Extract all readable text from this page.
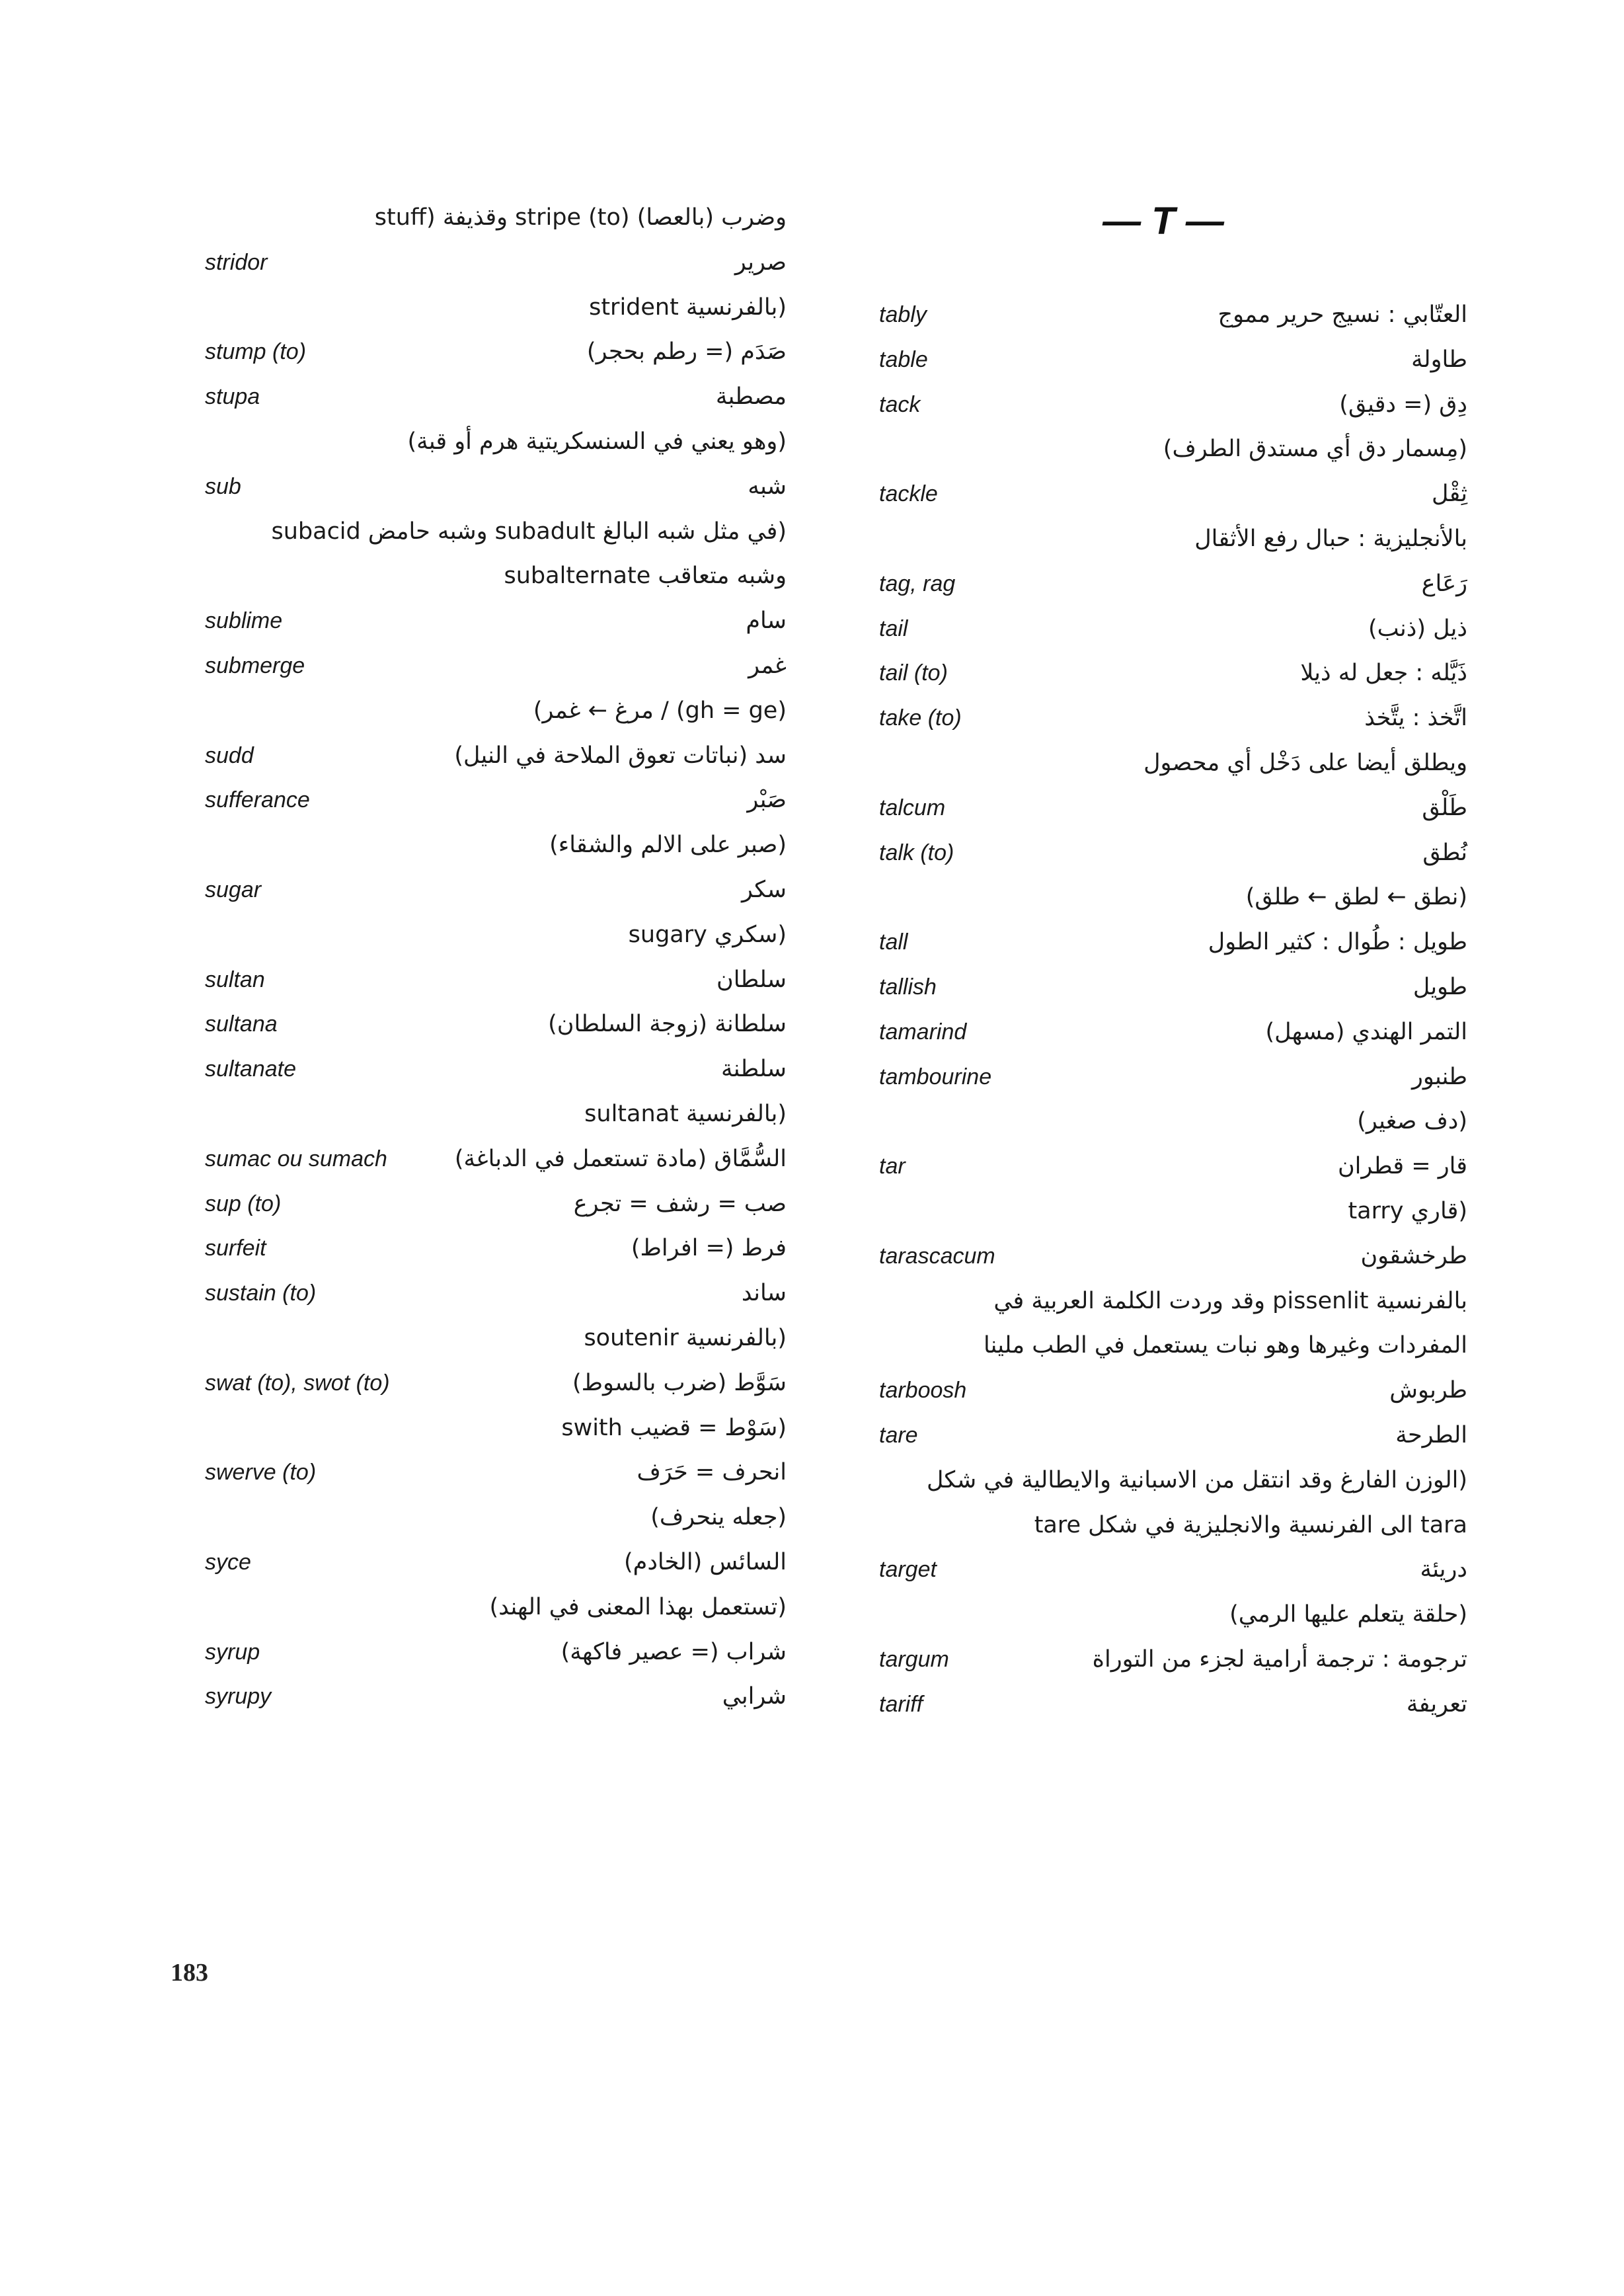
— T —
وضرب (بالعصا) stripe (to) وقذيفة (stuff
stridor	صرير
(بالفرنسية strident
stump (to)	صَدَم (= رطم بحجر)
stupa	مصطبة
(وهو يعني في السنسكريتية هرم أو قبة)
sub	شبه
(في مثل شبه البالغ subadult وشبه حامض subacid
وشبه متعاقب subalternate
sublime	سام
submerge	غمر
(gh = ge) / مرغ ← غمر)
sudd	سد (نباتات تعوق الملاحة في النيل)
sufferance	صَبْر
(صبر على الالم والشقاء)
sugar	سكر
(سكري sugary
sultan	سلطان
sultana	سلطانة (زوجة السلطان)
sultanate	سلطنة
(بالفرنسية sultanat
sumac ou sumach	السُّمَّاق (مادة تستعمل في الدباغة)
sup (to)	صب = رشف = تجرع
surfeit	فرط (= افراط)
sustain (to)	ساند
(بالفرنسية soutenir
swat (to), swot (to)	سَوَّط (ضرب بالسوط)
(سَوْط = قضيب swith
swerve (to)	انحرف = حَرَف
(جعله ينحرف)
syce	السائس (الخادم)
(تستعمل بهذا المعنى في الهند)
syrup	شراب (= عصير فاكهة)
syrupy	شرابي
tably	العتّابي : نسيج حرير مموج
table	طاولة
tack	دِق (= دقيق)
(مِسمار دق أي مستدق الطرف)
tackle	ثِقْل
بالأنجليزية : حبال رفع الأثقال
tag, rag	رَعَاع
tail	ذيل (ذنب)
tail (to)	ذَيَّله : جعل له ذيلا
take (to)	اتَّخذ : يتَّخذ
ويطلق أيضا على دَخْل أي محصول
talcum	طَلْق
talk (to)	نُطق
(نطق ← لطق ← طلق)
tall	طويل : طُوال : كثير الطول
tallish	طويل
tamarind	التمر الهندي (مسهل)
tambourine	طنبور
(دف صغير)
tar	قار = قطران
(قاري tarry
tarascacum	طرخشقون
بالفرنسية pissenlit وقد وردت الكلمة العربية في
المفردات وغيرها وهو نبات يستعمل في الطب ملينا
tarboosh	طربوش
tare	الطرحة
(الوزن الفارغ وقد انتقل من الاسبانية والايطالية في شكل
tara الى الفرنسية والانجليزية في شكل tare
target	دريئة
(حلقة يتعلم عليها الرمي)
targum	ترجومة : ترجمة أرامية لجزء من التوراة
tariff	تعريفة
183
